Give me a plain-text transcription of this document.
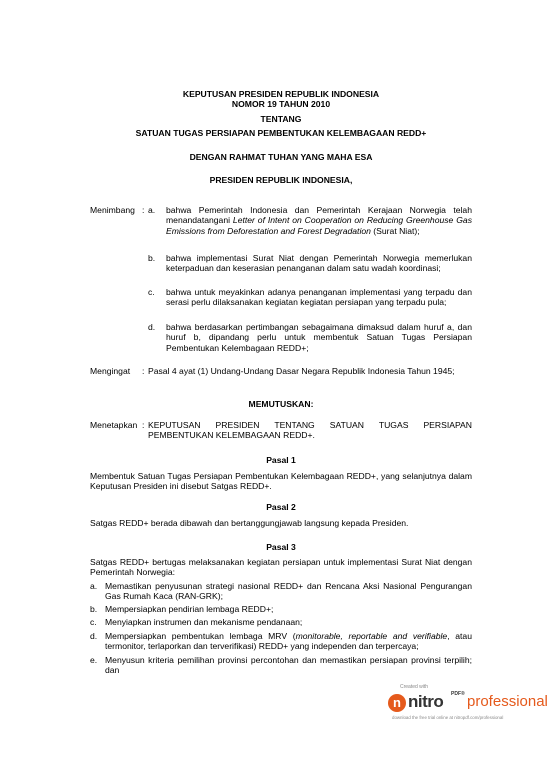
KEPUTUSAN PRESIDEN REPUBLIK INDONESIA
NOMOR 19 TAHUN 2010
TENTANG
SATUAN TUGAS PERSIAPAN PEMBENTUKAN KELEMBAGAAN REDD+
DENGAN RAHMAT TUHAN YANG MAHA ESA
PRESIDEN REPUBLIK INDONESIA,
Menimbang : a. bahwa Pemerintah Indonesia dan Pemerintah Kerajaan Norwegia telah menandatangani Letter of Intent on Cooperation on Reducing Greenhouse Gas Emissions from Deforestation and Forest Degradation (Surat Niat);
b. bahwa implementasi Surat Niat dengan Pemerintah Norwegia memerlukan keterpaduan dan keserasian penanganan dalam satu wadah koordinasi;
c. bahwa untuk meyakinkan adanya penanganan implementasi yang terpadu dan serasi perlu dilaksanakan kegiatan kegiatan persiapan yang terpadu pula;
d. bahwa berdasarkan pertimbangan sebagaimana dimaksud dalam huruf a, dan huruf b, dipandang perlu untuk membentuk Satuan Tugas Persiapan Pembentukan Kelembagaan REDD+;
Mengingat : Pasal 4 ayat (1) Undang-Undang Dasar Negara Republik Indonesia Tahun 1945;
MEMUTUSKAN:
Menetapkan : KEPUTUSAN PRESIDEN TENTANG SATUAN TUGAS PERSIAPAN PEMBENTUKAN KELEMBAGAAN REDD+.
Pasal 1
Membentuk Satuan Tugas Persiapan Pembentukan Kelembagaan REDD+, yang selanjutnya dalam Keputusan Presiden ini disebut Satgas REDD+.
Pasal 2
Satgas REDD+ berada dibawah dan bertanggungjawab langsung kepada Presiden.
Pasal 3
Satgas REDD+ bertugas melaksanakan kegiatan persiapan untuk implementasi Surat Niat dengan Pemerintah Norwegia:
a. Memastikan penyusunan strategi nasional REDD+ dan Rencana Aksi Nasional Pengurangan Gas Rumah Kaca (RAN-GRK);
b. Mempersiapkan pendirian lembaga REDD+;
c. Menyiapkan instrumen dan mekanisme pendanaan;
d. Mempersiapkan pembentukan lembaga MRV (monitorable, reportable and verifiable, atau termonitor, terlaporkan dan terverifikasi) REDD+ yang independen dan terpercaya;
e. Menyusun kriteria pemilihan provinsi percontohan dan memastikan persiapan provinsi terpilih; dan
Created with
n nitro PDF® professional
download the free trial online at nitropdf.com/professional
